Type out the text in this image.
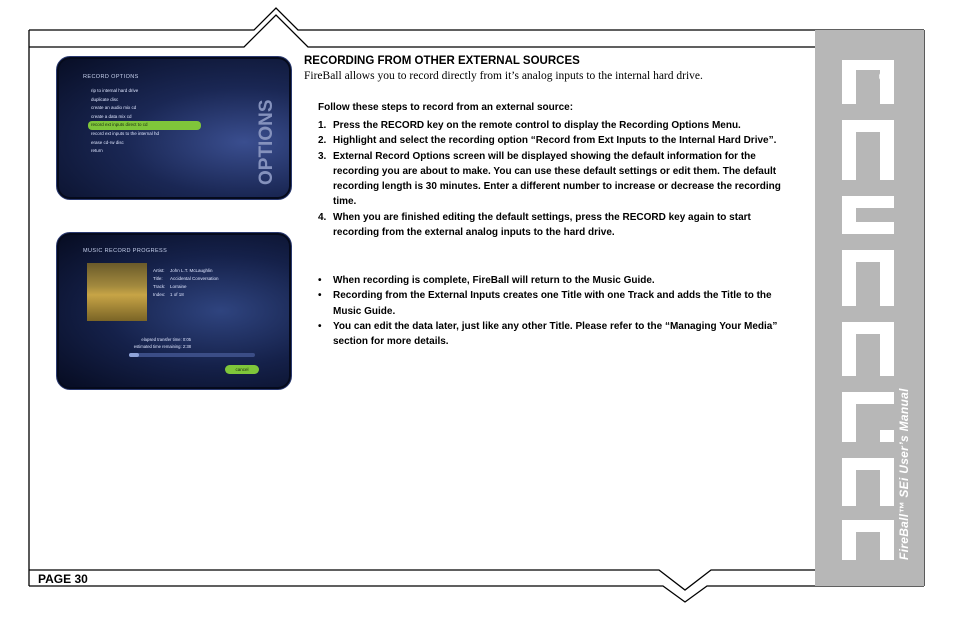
®
FireBall™ SEi User’s Manual
RECORD OPTIONS
rip to internal hard drive
duplicate disc
create an audio mix cd
create a data mix cd
record ext inputs direct to cd
record ext inputs to the internal hd
erase cd-rw disc
return	OPTIONS
MUSIC RECORD PROGRESS
Artist: John L.T. McLaughlin
Title: Accidental Conversation
Track: Lorraine
Index: 1 of 18
elapsed transfer time: 0:05
estimated time remaining: 2:38
cancel
RECORDING FROM OTHER EXTERNAL SOURCES

FireBall allows you to record directly from it’s analog inputs to the internal hard drive.

Follow these steps to record from an external source:

1. Press the RECORD key on the remote control to display the Recording Options Menu.
2. Highlight and select the recording option “Record from Ext Inputs to the Internal Hard Drive”.
3. External Record Options screen will be displayed showing the default information for the recording you are about to make. You can use these default settings or edit them. The default recording length is 30 minutes. Enter a different number to increase or decrease the recording time.
4. When you are finished editing the default settings, press the RECORD key again to start recording from the external analog inputs to the hard drive.
• When recording is complete, FireBall will return to the Music Guide.
• Recording from the External Inputs creates one Title with one Track and adds the Title to the Music Guide.
• You can edit the data later, just like any other Title. Please refer to the “Managing Your Media” section for more details.
PAGE 30
